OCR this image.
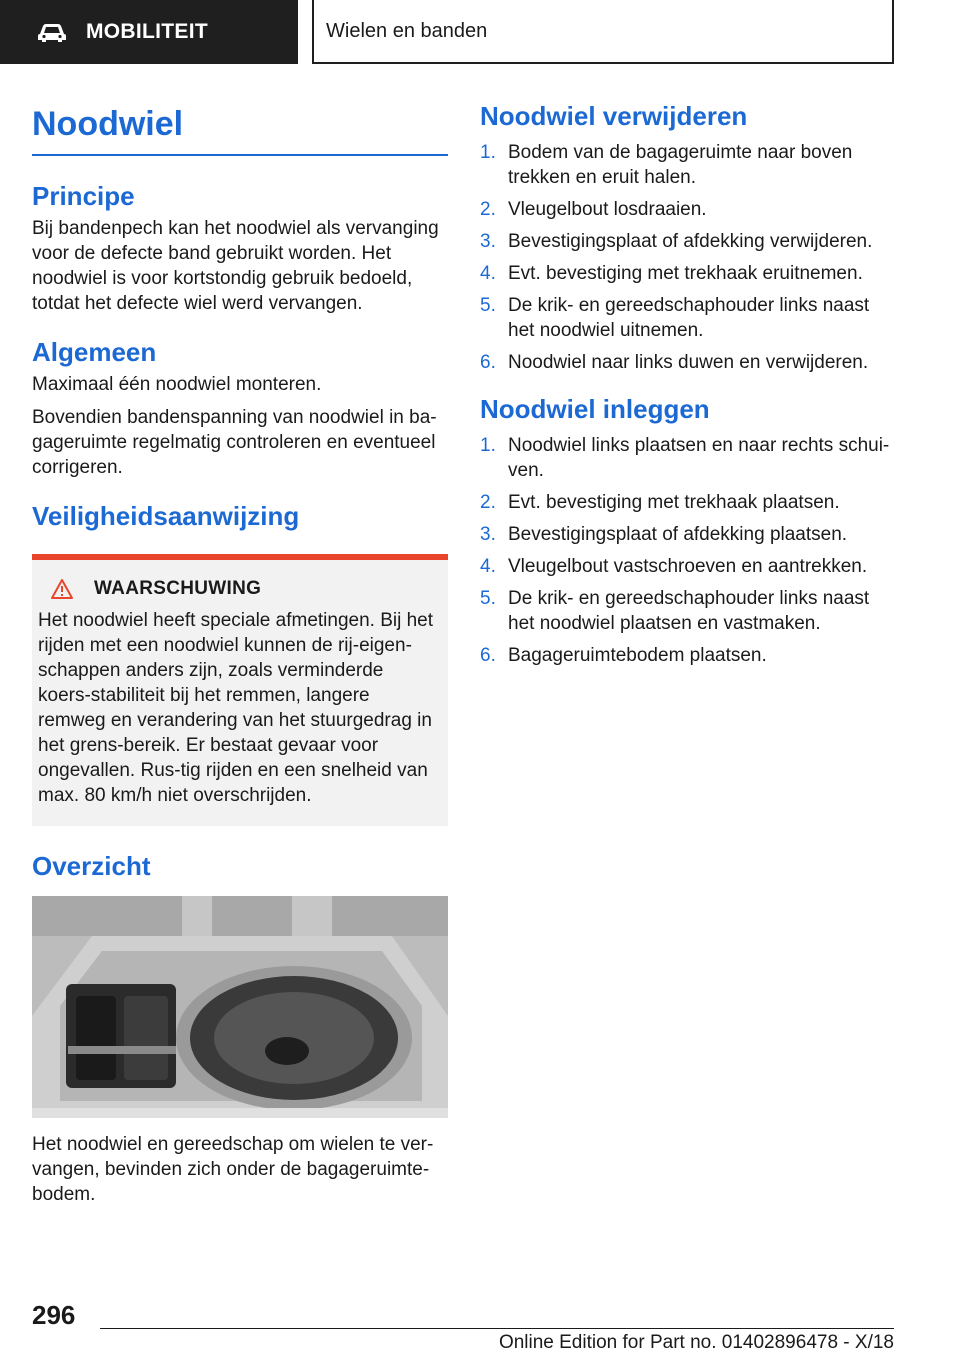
MOBILITEIT	Wielen en banden
Noodwiel
Principe

Bij bandenpech kan het noodwiel als vervanging voor de defecte band gebruikt worden. Het noodwiel is voor kortstondig gebruik bedoeld, totdat het defecte wiel werd vervangen.

Algemeen

Maximaal één noodwiel monteren.

Bovendien bandenspanning van noodwiel in ba-gageruimte regelmatig controleren en eventueel corrigeren.

Veiligheidsaanwijzing
WAARSCHUWING

Het noodwiel heeft speciale afmetingen. Bij het rijden met een noodwiel kunnen de rij-eigen-schappen anders zijn, zoals verminderde koers-stabiliteit bij het remmen, langere remweg en verandering van het stuurgedrag in het grens-bereik. Er bestaat gevaar voor ongevallen. Rus-tig rijden en een snelheid van max. 80 km/h niet overschrijden.

Overzicht

Het noodwiel en gereedschap om wielen te ver-vangen, bevinden zich onder de bagageruimte-bodem.

Noodwiel verwijderen
1. Bodem van de bagageruimte naar boven trekken en eruit halen.
2. Vleugelbout losdraaien.
3. Bevestigingsplaat of afdekking verwijderen.
4. Evt. bevestiging met trekhaak eruitnemen.
5. De krik- en gereedschaphouder links naast het noodwiel uitnemen.
6. Noodwiel naar links duwen en verwijderen.
Noodwiel inleggen
1. Noodwiel links plaatsen en naar rechts schui-ven.
2. Evt. bevestiging met trekhaak plaatsen.
3. Bevestigingsplaat of afdekking plaatsen.
4. Vleugelbout vastschroeven en aantrekken.
5. De krik- en gereedschaphouder links naast het noodwiel plaatsen en vastmaken.
6. Bagageruimtebodem plaatsen.
296
Online Edition for Part no. 01402896478 - X/18
